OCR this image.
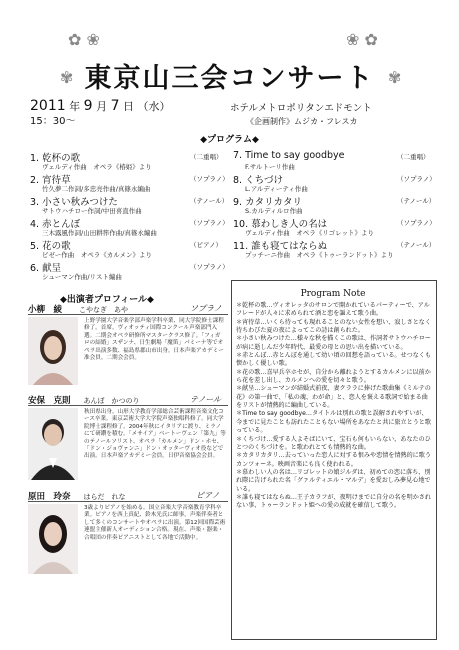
✿ ❀	❀ ✿
✾	✾
東京山三会コンサート
2011 年 9 月 7 日 （水）
15：30～
ホテルメトロポリタンエドモント
《企画制作》ムジカ・フレスカ
◆プログラム◆
1. 乾杯の歌	（二重唱）
ヴェルディ作曲　オペラ《椿姫》より
2. 宵待草	（ソプラノ）
竹久夢二作詞/多忠亮作曲/真篠永編曲
3. 小さい秋みつけた	（テノール）
サトウハチロー作詞/中田喜直作曲
4. 赤とんぼ	（ソプラノ）
三木露風作詞/山田耕筰作曲/真篠永編曲
5. 花の歌	（ピアノ）
ビゼー作曲　オペラ《カルメン》より
6. 献呈	（ソプラノ）
シューマン作曲/リスト編曲
7. Time to say goodbye	（二重唱）
F.サルトーリ作曲
8. くちづけ	（ソプラノ）
L.アルディーティ作曲
9. カタリカタリ	（テノール）
S.カルディルロ作曲
10. 慕わしき人の名は	（ソプラノ）
ヴェルディ作曲　オペラ《リゴレット》より
11. 誰も寝てはならぬ	（テノール）
プッチーニ作曲　オペラ《トゥーランドット》より
◆出演者プロフィール◆
小柳　綾 こやなぎ　あや	ソプラノ
上野学園大学音楽学部声楽学科卒業、同大学院修士課程修了。首席。ヴィオッティ国際コンクール声楽部門入選。二期会オペラ研修所マスタークラス修了。「フィガロの結婚」スザンナ、日生劇場「魔笛」パミーナ等でオペラ出演多数、福島県郡山市出身。日本声楽アカデミー准会員。二期会会員。
安保　克則 あんぼ　かつのり	テノール
秋田県出身。山形大学教育学部総合芸術課程音楽文化コース卒業。東京芸術大学大学院声楽独唱科修了。同大学院博士課程修了。2004年秋にイタリアに渡り、ミラノにて研鑽を積む。「メサイア」ベートーヴェン「第九」等のテノールソリスト、オペラ「カルメン」ドン・ホセ、「ドン・ジョヴァンニ」ドン・オッターヴィオ役などで出演。日本声楽アカデミー会員。日伊音楽協会会員。
原田　玲奈 はらだ　れな	ピアノ
3歳よりピアノを始める。国立音楽大学音楽教育学科卒業。ピアノを西上真紀、鈴木光氏に師事。声楽伴奏者として多くのコンサートやオペラに出演。第12回国際芸術連盟主催新人オーディション合格。現在、声楽・器楽・合唱団の伴奏ピアニストとして各地で活動中。
Program Note
＊乾杯の歌…ヴィオレッタのサロンで開かれているパーティーで、アルフレードが人々に求められて酒と恋を謳えて歌う曲。
＊宵待草…いくら待っても現れることのない女性を想い、寂しさとなく待ちわびた夏の夜によってこの詩は創られた。
＊小さい秋みつけた…様々な秋を描くこの歌は、作詞者サトウハチローが病に逝しんだ少年時代、最愛の母との思い出を描いている。
＊赤とんぼ…赤とんぼを通して幼い頃の回想を語っている。せつなくも懐かしく優しい歌。
＊花の歌…喜早兵卒ホセが、自分から離れようとするカルメンに以前から花を差し出し、カルメンへの愛を切々と歌う。
＊献呈…シューマンが結婚式前夜、妻クララに捧げた歌曲集《ミルテの花》の第一曲で、「私の魂、わが命」と、恋人を褒える歌詞で始まる曲をリストが情熱的に編曲している。
＊Time to say goodbye…タイトルは別れの歌と誤解されやすいが、今までに見たことも訪れたこともない場所をあなたと共に旅立とうと歌っている。
＊くちづけ…愛する人よそばにいて、宝石も何もいらない、あなたのひとつのくちづけを。と歌われとても情熱的な曲。
＊カタリカタリ…去っていった恋人に対する恨みや恋情を情熱的に歌うカンツォーネ。映画音楽にも良く使われる。
＊慕わしい人の名は…リゴレットの娘ジルダは、初めての恋に落ち、別れ際に告げられた名「グァルティエル・マルデ」を愛おしみ夢見心地でいる。
＊誰も寝てはならぬ…王子カラフが、夜明けまでに自分の名を明かされない事、トゥーランドット姫への愛の成就を確信して歌う。
